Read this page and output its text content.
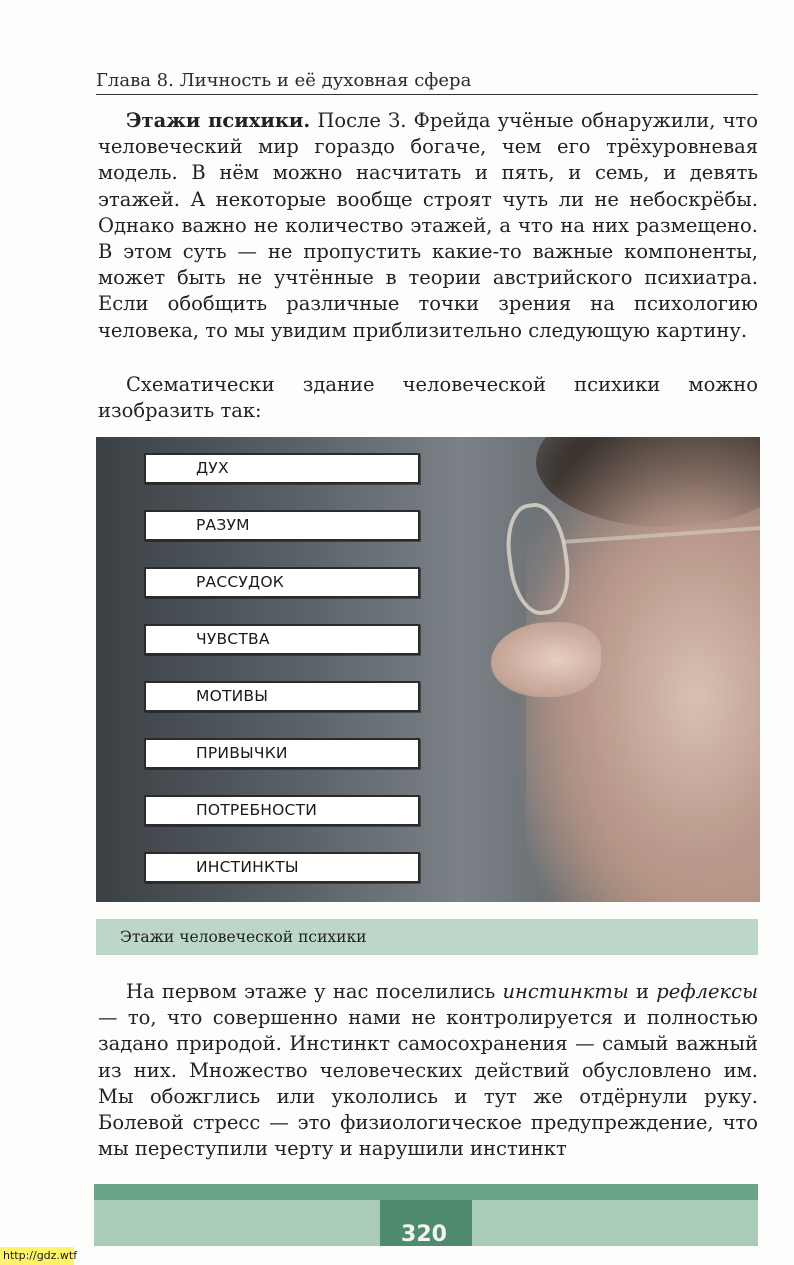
Глава 8. Личность и её духовная сфера

Этажи психики. После З. Фрейда учёные обнаружили, что человеческий мир гораздо богаче, чем его трёхуровневая модель. В нём можно насчитать и пять, и семь, и девять этажей. А некоторые вообще строят чуть ли не небоскрёбы. Однако важно не количество этажей, а что на них размещено. В этом суть — не пропустить какие-то важные компоненты, может быть не учтённые в теории австрийского психиатра. Если обобщить различные точки зрения на психологию человека, то мы увидим приблизительно следующую картину.

Схематически здание человеческой психики можно изобразить так:

ДУХ
РАЗУМ
РАССУДОК
ЧУВСТВА
МОТИВЫ
ПРИВЫЧКИ
ПОТРЕБНОСТИ
ИНСТИНКТЫ
Этажи человеческой психики

На первом этаже у нас поселились инстинкты и рефлексы — то, что совершенно нами не контролируется и полностью задано природой. Инстинкт самосохранения — самый важный из них. Множество человеческих действий обусловлено им. Мы обожглись или укололись и тут же отдёрнули руку. Болевой стресс — это физиологическое предупреждение, что мы переступили черту и нарушили инстинкт

320
http://gdz.wtf
